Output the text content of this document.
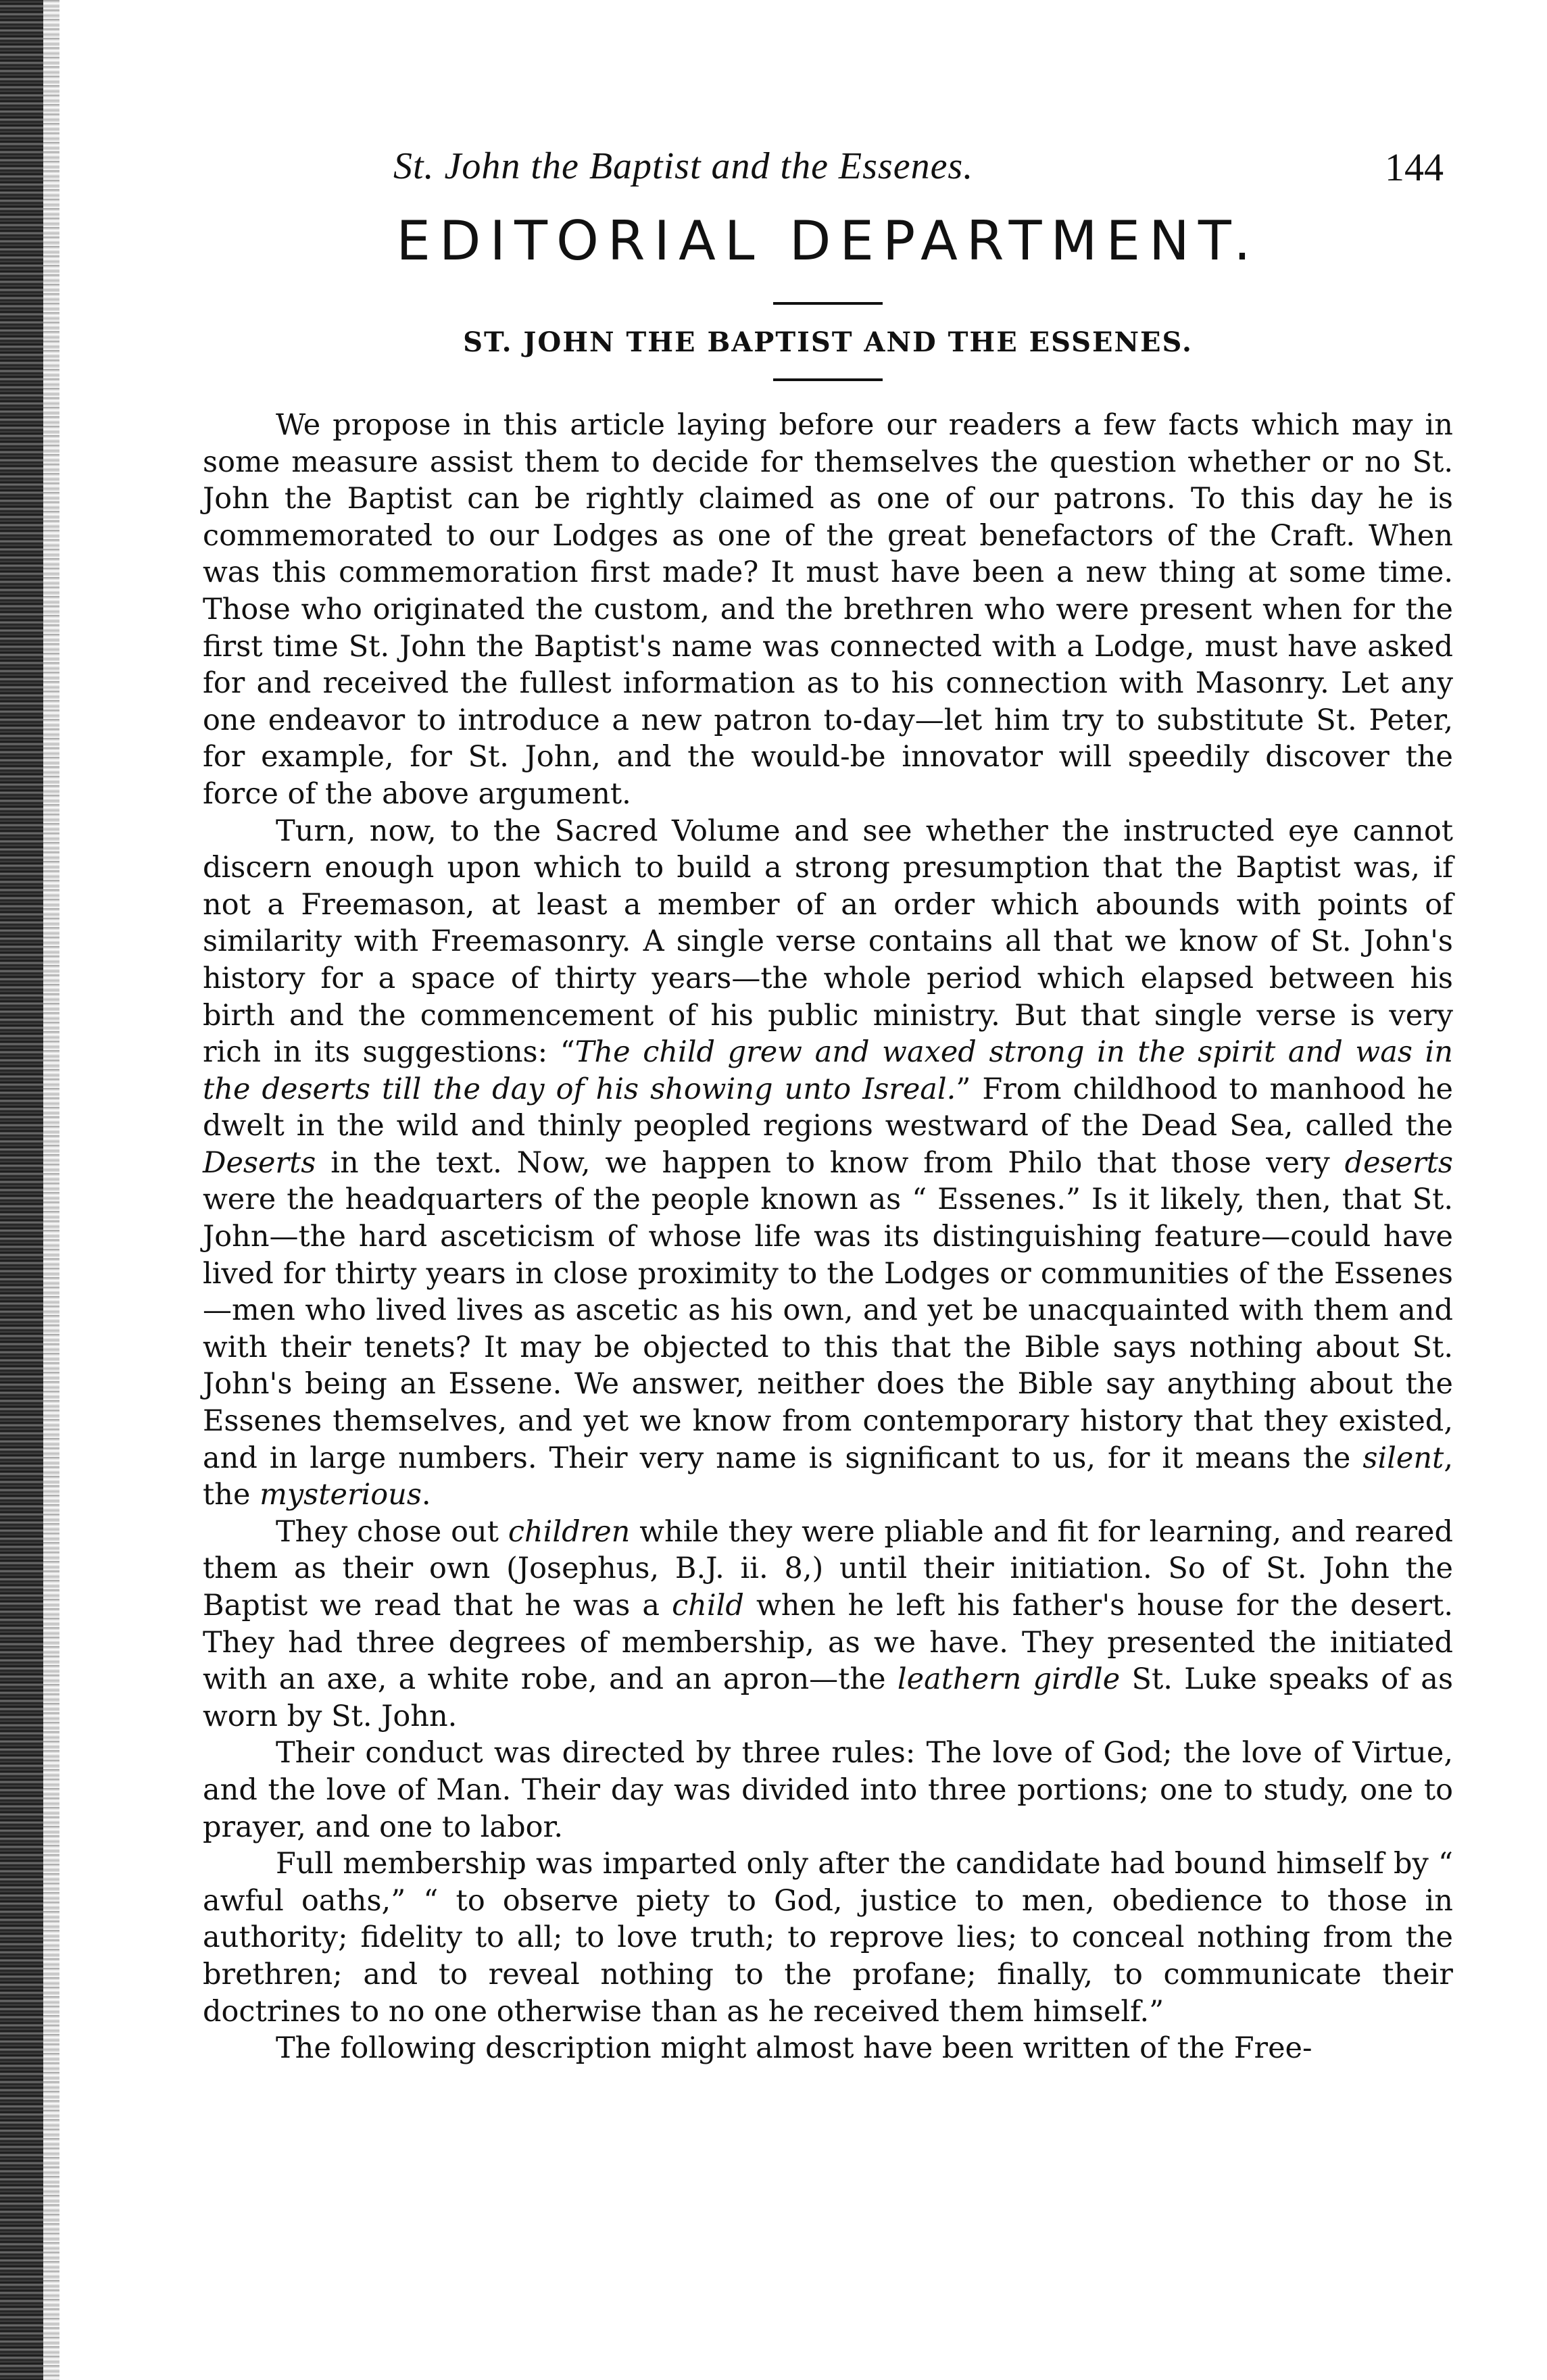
St. John the Baptist and the Essenes.	144
EDITORIAL DEPARTMENT.
ST. JOHN THE BAPTIST AND THE ESSENES.

We propose in this article laying before our readers a few facts which may in some measure assist them to decide for themselves the question whether or no St. John the Baptist can be rightly claimed as one of our patrons. To this day he is commemorated to our Lodges as one of the great benefactors of the Craft. When was this commemoration first made? It must have been a new thing at some time. Those who originated the custom, and the brethren who were present when for the first time St. John the Baptist's name was connected with a Lodge, must have asked for and received the fullest information as to his connection with Masonry. Let any one endeavor to introduce a new patron to-day—let him try to substitute St. Peter, for example, for St. John, and the would-be innovator will speedily discover the force of the above argument.

Turn, now, to the Sacred Volume and see whether the instructed eye cannot discern enough upon which to build a strong presumption that the Baptist was, if not a Freemason, at least a member of an order which abounds with points of similarity with Freemasonry. A single verse contains all that we know of St. John's history for a space of thirty years—the whole period which elapsed between his birth and the commencement of his public ministry. But that single verse is very rich in its suggestions: “The child grew and waxed strong in the spirit and was in the deserts till the day of his showing unto Isreal.” From childhood to manhood he dwelt in the wild and thinly peopled regions westward of the Dead Sea, called the Deserts in the text. Now, we happen to know from Philo that those very deserts were the headquarters of the people known as “ Essenes.” Is it likely, then, that St. John—the hard asceticism of whose life was its distinguishing feature—could have lived for thirty years in close proximity to the Lodges or communities of the Essenes—men who lived lives as ascetic as his own, and yet be unacquainted with them and with their tenets? It may be objected to this that the Bible says nothing about St. John's being an Essene. We answer, neither does the Bible say anything about the Essenes themselves, and yet we know from contemporary history that they existed, and in large numbers. Their very name is significant to us, for it means the silent, the mysterious.

They chose out children while they were pliable and fit for learning, and reared them as their own (Josephus, B.J. ii. 8,) until their initiation. So of St. John the Baptist we read that he was a child when he left his father's house for the desert. They had three degrees of membership, as we have. They presented the initiated with an axe, a white robe, and an apron—the leathern girdle St. Luke speaks of as worn by St. John.

Their conduct was directed by three rules: The love of God; the love of Virtue, and the love of Man. Their day was divided into three portions; one to study, one to prayer, and one to labor.

Full membership was imparted only after the candidate had bound himself by “ awful oaths,” “ to observe piety to God, justice to men, obedience to those in authority; fidelity to all; to love truth; to reprove lies; to conceal nothing from the brethren; and to reveal nothing to the profane; finally, to communicate their doctrines to no one otherwise than as he received them himself.”

The following description might almost have been written of the Free-
